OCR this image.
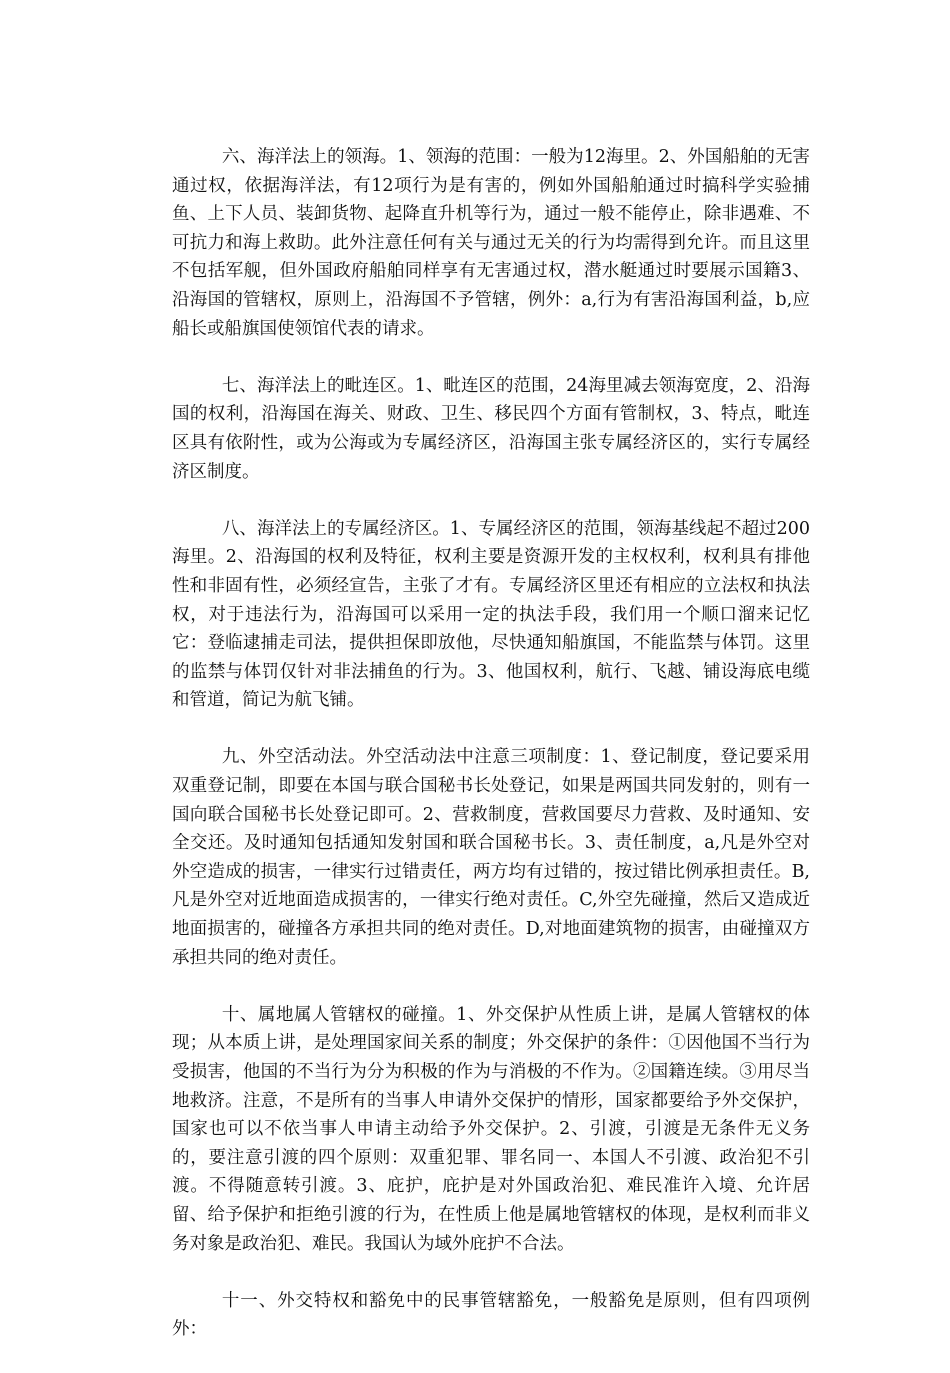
六、海洋法上的领海。1、领海的范围：一般为12海里。2、外国船舶的无害通过权，依据海洋法，有12项行为是有害的，例如外国船舶通过时搞科学实验捕鱼、上下人员、装卸货物、起降直升机等行为，通过一般不能停止，除非遇难、不可抗力和海上救助。此外注意任何有关与通过无关的行为均需得到允许。而且这里不包括军舰，但外国政府船舶同样享有无害通过权，潜水艇通过时要展示国籍3、沿海国的管辖权，原则上，沿海国不予管辖，例外：a,行为有害沿海国利益，b,应船长或船旗国使领馆代表的请求。

七、海洋法上的毗连区。1、毗连区的范围，24海里减去领海宽度，2、沿海国的权利，沿海国在海关、财政、卫生、移民四个方面有管制权，3、特点，毗连区具有依附性，或为公海或为专属经济区，沿海国主张专属经济区的，实行专属经济区制度。

八、海洋法上的专属经济区。1、专属经济区的范围，领海基线起不超过200海里。2、沿海国的权利及特征，权利主要是资源开发的主权权利，权利具有排他性和非固有性，必须经宣告，主张了才有。专属经济区里还有相应的立法权和执法权，对于违法行为，沿海国可以采用一定的执法手段，我们用一个顺口溜来记忆它：登临逮捕走司法，提供担保即放他，尽快通知船旗国，不能监禁与体罚。这里的监禁与体罚仅针对非法捕鱼的行为。3、他国权利，航行、飞越、铺设海底电缆和管道，简记为航飞铺。

九、外空活动法。外空活动法中注意三项制度：1、登记制度，登记要采用双重登记制，即要在本国与联合国秘书长处登记，如果是两国共同发射的，则有一国向联合国秘书长处登记即可。2、营救制度，营救国要尽力营救、及时通知、安全交还。及时通知包括通知发射国和联合国秘书长。3、责任制度，a,凡是外空对外空造成的损害，一律实行过错责任，两方均有过错的，按过错比例承担责任。B,凡是外空对近地面造成损害的，一律实行绝对责任。C,外空先碰撞，然后又造成近地面损害的，碰撞各方承担共同的绝对责任。D,对地面建筑物的损害，由碰撞双方承担共同的绝对责任。

十、属地属人管辖权的碰撞。1、外交保护从性质上讲，是属人管辖权的体现；从本质上讲，是处理国家间关系的制度；外交保护的条件：①因他国不当行为受损害，他国的不当行为分为积极的作为与消极的不作为。②国籍连续。③用尽当地救济。注意，不是所有的当事人申请外交保护的情形，国家都要给予外交保护，国家也可以不依当事人申请主动给予外交保护。2、引渡，引渡是无条件无义务的，要注意引渡的四个原则：双重犯罪、罪名同一、本国人不引渡、政治犯不引渡。不得随意转引渡。3、庇护，庇护是对外国政治犯、难民准许入境、允许居留、给予保护和拒绝引渡的行为，在性质上他是属地管辖权的体现，是权利而非义务对象是政治犯、难民。我国认为域外庇护不合法。

十一、外交特权和豁免中的民事管辖豁免，一般豁免是原则，但有四项例外：
